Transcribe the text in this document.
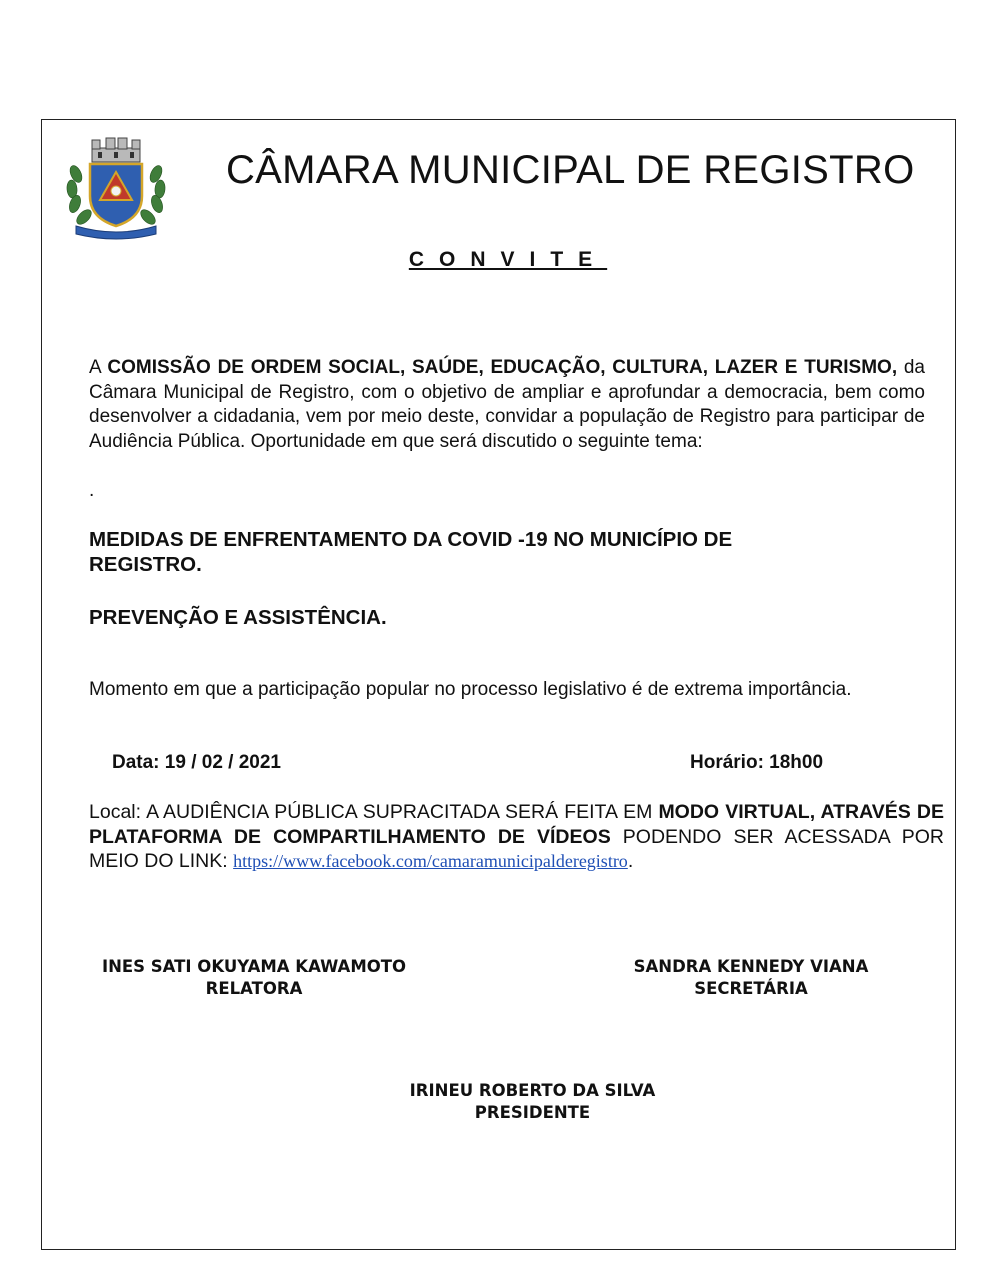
CÂMARA MUNICIPAL DE REGISTRO
CONVITE
A COMISSÃO DE ORDEM SOCIAL, SAÚDE, EDUCAÇÃO, CULTURA, LAZER E TURISMO, da Câmara Municipal de Registro, com o objetivo de ampliar e aprofundar a democracia, bem como desenvolver a cidadania, vem por meio deste, convidar a população de Registro para participar de Audiência Pública. Oportunidade em que será discutido o seguinte tema:
.
MEDIDAS DE ENFRENTAMENTO DA COVID -19 NO MUNICÍPIO DE REGISTRO.
PREVENÇÃO E ASSISTÊNCIA.
Momento em que a participação popular no processo legislativo é de extrema importância.
Data: 19 / 02 / 2021	Horário: 18h00
Local: A AUDIÊNCIA PÚBLICA SUPRACITADA SERÁ FEITA EM MODO VIRTUAL, ATRAVÉS DE PLATAFORMA DE COMPARTILHAMENTO DE VÍDEOS PODENDO SER ACESSADA POR MEIO DO LINK: https://www.facebook.com/camaramunicipalderegistro.
INES SATI OKUYAMA KAWAMOTO
RELATORA
SANDRA KENNEDY VIANA
SECRETÁRIA
IRINEU ROBERTO DA SILVA
PRESIDENTE
